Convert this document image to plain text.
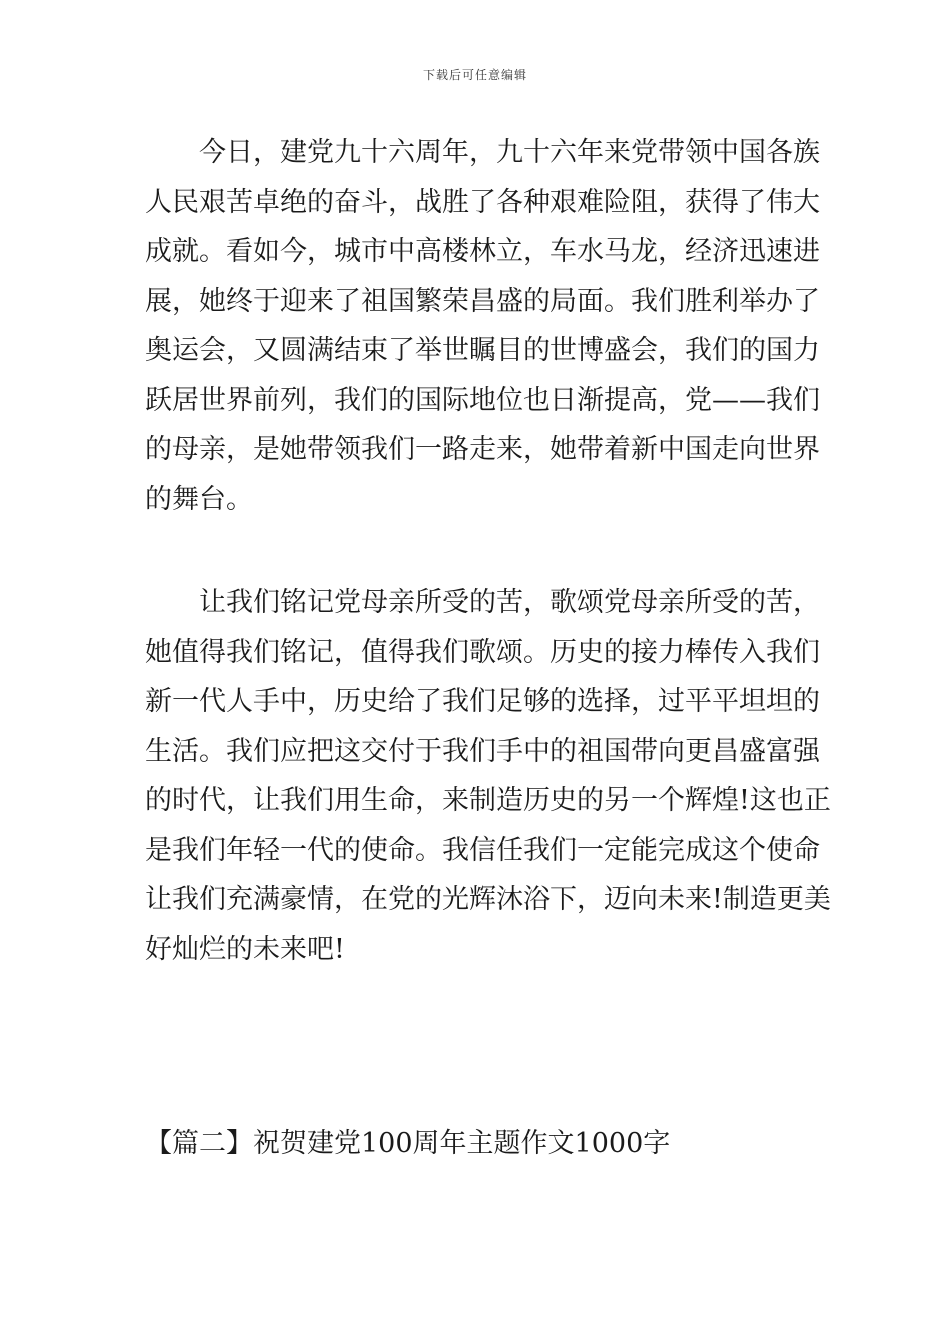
下载后可任意编辑

今日，建党九十六周年，九十六年来党带领中国各族
人民艰苦卓绝的奋斗，战胜了各种艰难险阻，获得了伟大
成就。看如今，城市中高楼林立，车水马龙，经济迅速进
展，她终于迎来了祖国繁荣昌盛的局面。我们胜利举办了
奥运会，又圆满结束了举世瞩目的世博盛会，我们的国力
跃居世界前列，我们的国际地位也日渐提高，党——我们
的母亲，是她带领我们一路走来，她带着新中国走向世界
的舞台。

让我们铭记党母亲所受的苦，歌颂党母亲所受的苦，
她值得我们铭记，值得我们歌颂。历史的接力棒传入我们
新一代人手中，历史给了我们足够的选择，过平平坦坦的
生活。我们应把这交付于我们手中的祖国带向更昌盛富强
的时代，让我们用生命，来制造历史的另一个辉煌!这也正
是我们年轻一代的使命。我信任我们一定能完成这个使命
让我们充满豪情，在党的光辉沐浴下，迈向未来!制造更美
好灿烂的未来吧!

【篇二】祝贺建党100周年主题作文1000字
